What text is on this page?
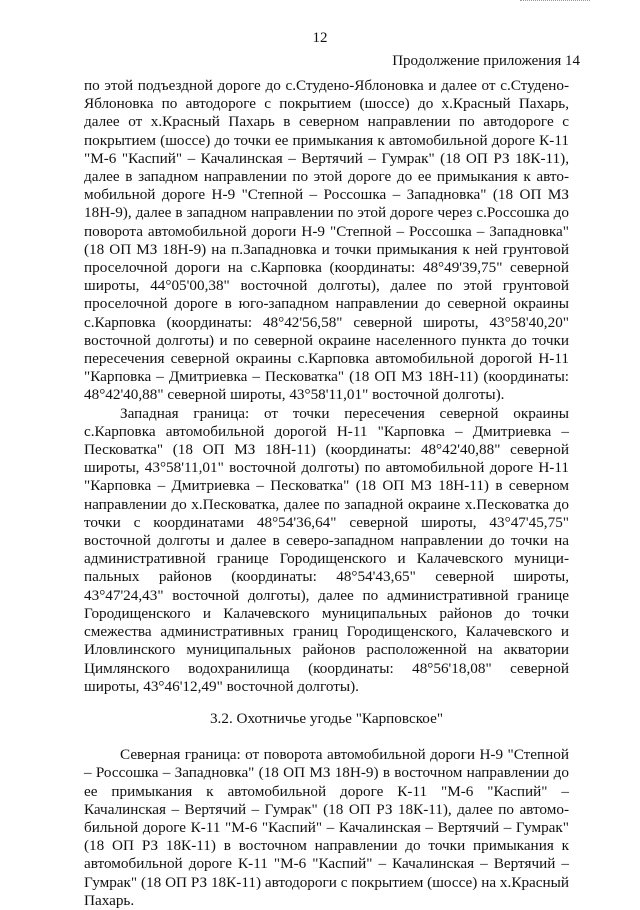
12
Продолжение приложения 14

по этой подъездной дороге до с.Студено-Яблоновка и далее от с.Студено-Яблоновка по автодороге с покрытием (шоссе) до х.Красный Пахарь, далее от х.Красный Пахарь в северном направлении по автодороге с покрытием (шоссе) до точки ее примыкания к автомобильной дороге К-11 "М-6 "Каспий" – Качалинская – Вертячий – Гумрак" (18 ОП РЗ 18К-11), далее в западном направлении по этой дороге до ее примыкания к автомобильной дороге Н-9 "Степной – Россошка – Западновка" (18 ОП МЗ 18Н-9), далее в западном направлении по этой дороге через с.Россошка до поворота автомобильной дороги Н-9 "Степной – Россошка – Западновка" (18 ОП МЗ 18Н-9) на п.Западновка и точки примыкания к ней грунтовой проселочной дороги на с.Карповка (координаты: 48°49'39,75" северной широты, 44°05'00,38" восточной долготы), далее по этой грунтовой проселочной дороге в юго-западном направлении до северной окраины с.Карповка (координаты: 48°42'56,58" северной широты, 43°58'40,20" восточной долготы) и по северной окраине населенного пункта до точки пересечения северной окраины с.Карповка автомобильной дорогой Н-11 "Карповка – Дмитриевка – Песковатка" (18 ОП МЗ 18Н-11) (координаты: 48°42'40,88" северной широты, 43°58'11,01" восточной долготы).

Западная граница: от точки пересечения северной окраины с.Карповка автомобильной дорогой Н-11 "Карповка – Дмитриевка – Песковатка" (18 ОП МЗ 18Н-11) (координаты: 48°42'40,88" северной широты, 43°58'11,01" восточной долготы) по автомобильной дороге Н-11 "Карповка – Дмитриевка – Песковатка" (18 ОП МЗ 18Н-11) в северном направлении до х.Песковатка, далее по западной окраине х.Песковатка до точки с координатами 48°54'36,64" северной широты, 43°47'45,75" восточной долготы и далее в северо-западном направлении до точки на административной границе Городищенского и Калачевского муниципальных районов (координаты: 48°54'43,65" северной широты, 43°47'24,43" восточной долготы), далее по административной границе Городищенского и Калачевского муниципальных районов до точки смежества административных границ Городищенского, Калачевского и Иловлинского муниципальных районов расположенной на акватории Цимлянского водохранилища (координаты: 48°56'18,08" северной широты, 43°46'12,49" восточной долготы).

3.2. Охотничье угодье "Карповское"

Северная граница: от поворота автомобильной дороги Н-9 "Степной – Россошка – Западновка" (18 ОП МЗ 18Н-9) в восточном направлении до ее примыкания к автомобильной дороге К-11 "М-6 "Каспий" – Качалинская – Вертячий – Гумрак" (18 ОП РЗ 18К-11), далее по автомобильной дороге К-11 "М-6 "Каспий" – Качалинская – Вертячий – Гумрак" (18 ОП РЗ 18К-11) в восточном направлении до точки примыкания к автомобильной дороге К-11 "М-6 "Каспий" – Качалинская – Вертячий – Гумрак" (18 ОП РЗ 18К-11) автодороги с покрытием (шоссе) на х.Красный Пахарь.
